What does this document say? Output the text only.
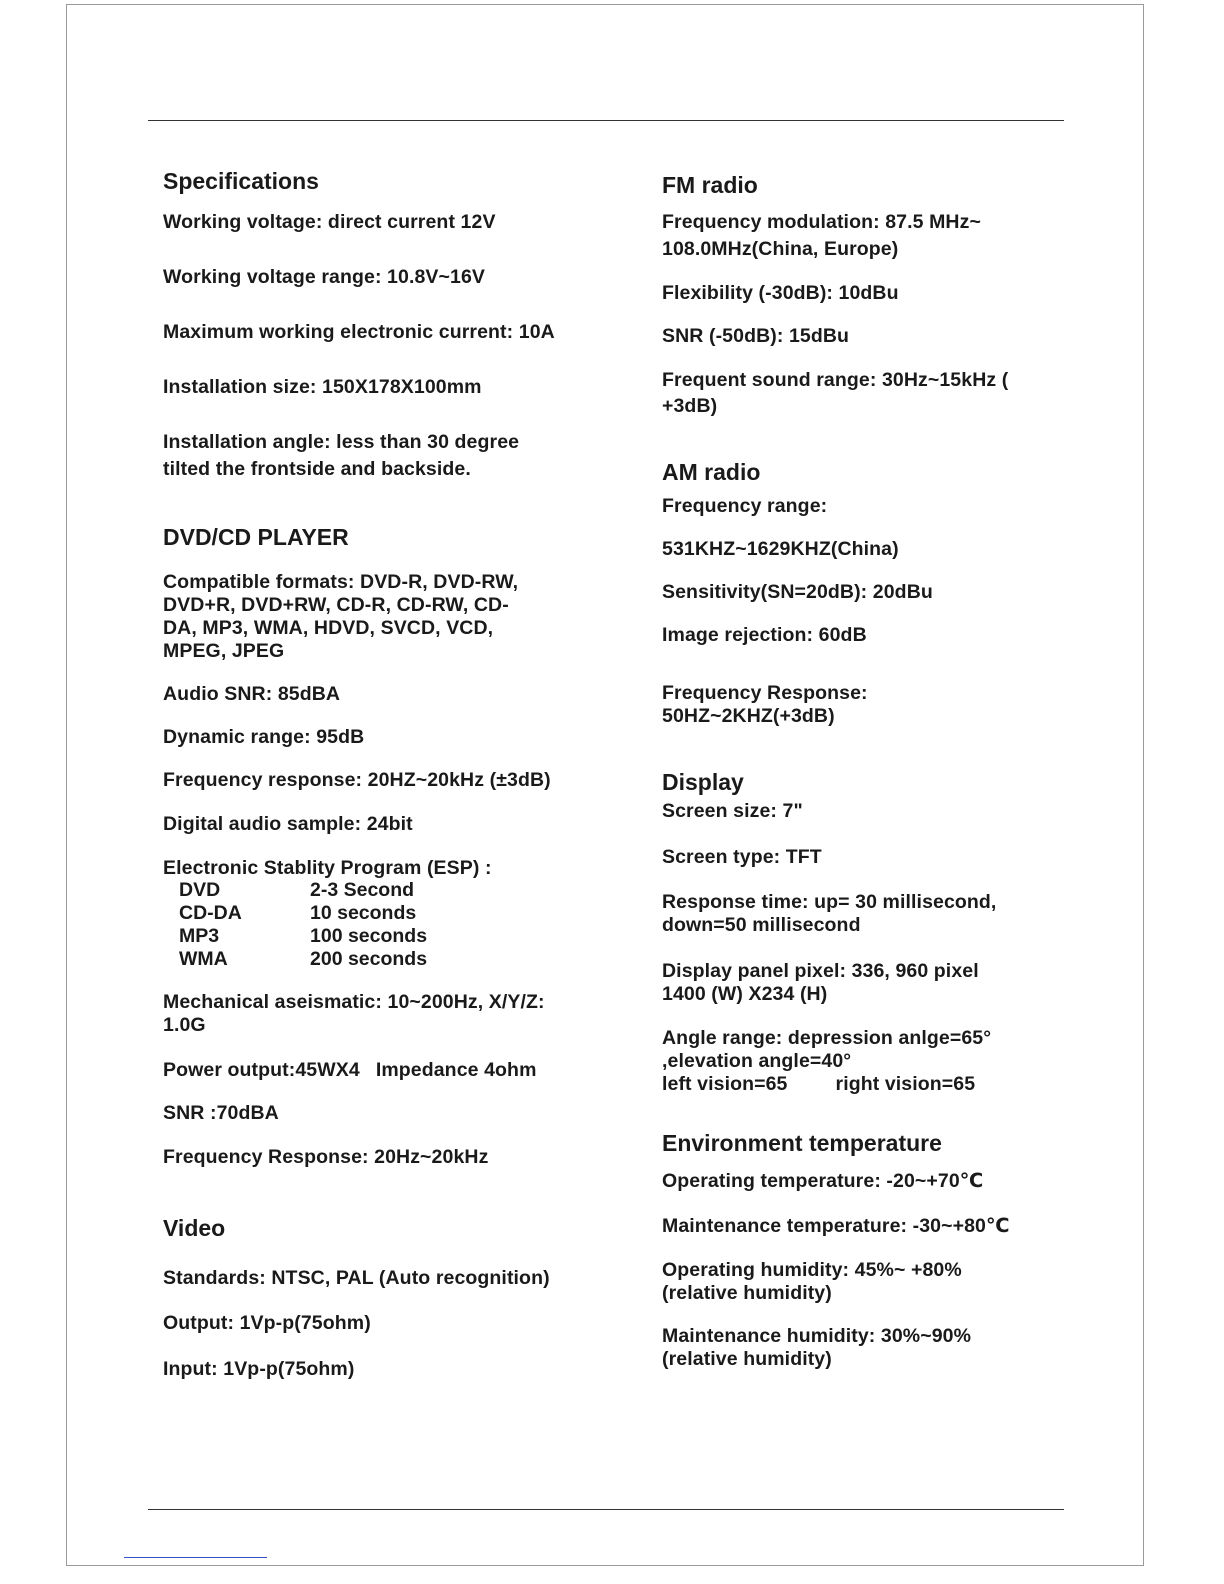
Specifications

Working voltage: direct current 12V

Working voltage range: 10.8V~16V

Maximum working electronic current: 10A

Installation size: 150X178X100mm

Installation angle: less than 30 degree

tilted the frontside and backside.

DVD/CD PLAYER

Compatible formats: DVD-R, DVD-RW,

DVD+R, DVD+RW, CD-R, CD-RW, CD-

DA, MP3, WMA, HDVD, SVCD, VCD,

MPEG, JPEG

Audio SNR: 85dBA

Dynamic range: 95dB

Frequency response: 20HZ~20kHz (±3dB)

Digital audio sample: 24bit

Electronic Stablity Program (ESP) :

DVD	2-3 Second

CD-DA	10 seconds

MP3	100 seconds

WMA	200 seconds

Mechanical aseismatic: 10~200Hz, X/Y/Z:

1.0G

Power output:45WX4 Impedance 4ohm

SNR :70dBA

Frequency Response: 20Hz~20kHz

Video

Standards: NTSC, PAL (Auto recognition)

Output: 1Vp-p(75ohm)

Input: 1Vp-p(75ohm)

FM radio

Frequency modulation: 87.5 MHz~

108.0MHz(China, Europe)

Flexibility (-30dB): 10dBu

SNR (-50dB): 15dBu

Frequent sound range: 30Hz~15kHz (

+3dB)

AM radio

Frequency range:

531KHZ~1629KHZ(China)

Sensitivity(SN=20dB): 20dBu

Image rejection: 60dB

Frequency Response:

50HZ~2KHZ(+3dB)

Display

Screen size: 7"

Screen type: TFT

Response time: up= 30 millisecond,

down=50 millisecond

Display panel pixel: 336, 960 pixel

1400 (W) X234 (H)

Angle range: depression anlge=65°

,elevation angle=40°

left vision=65 right vision=65

Environment temperature

Operating temperature: -20~+70℃

Maintenance temperature: -30~+80℃

Operating humidity: 45%~ +80%

(relative humidity)

Maintenance humidity: 30%~90%

(relative humidity)
